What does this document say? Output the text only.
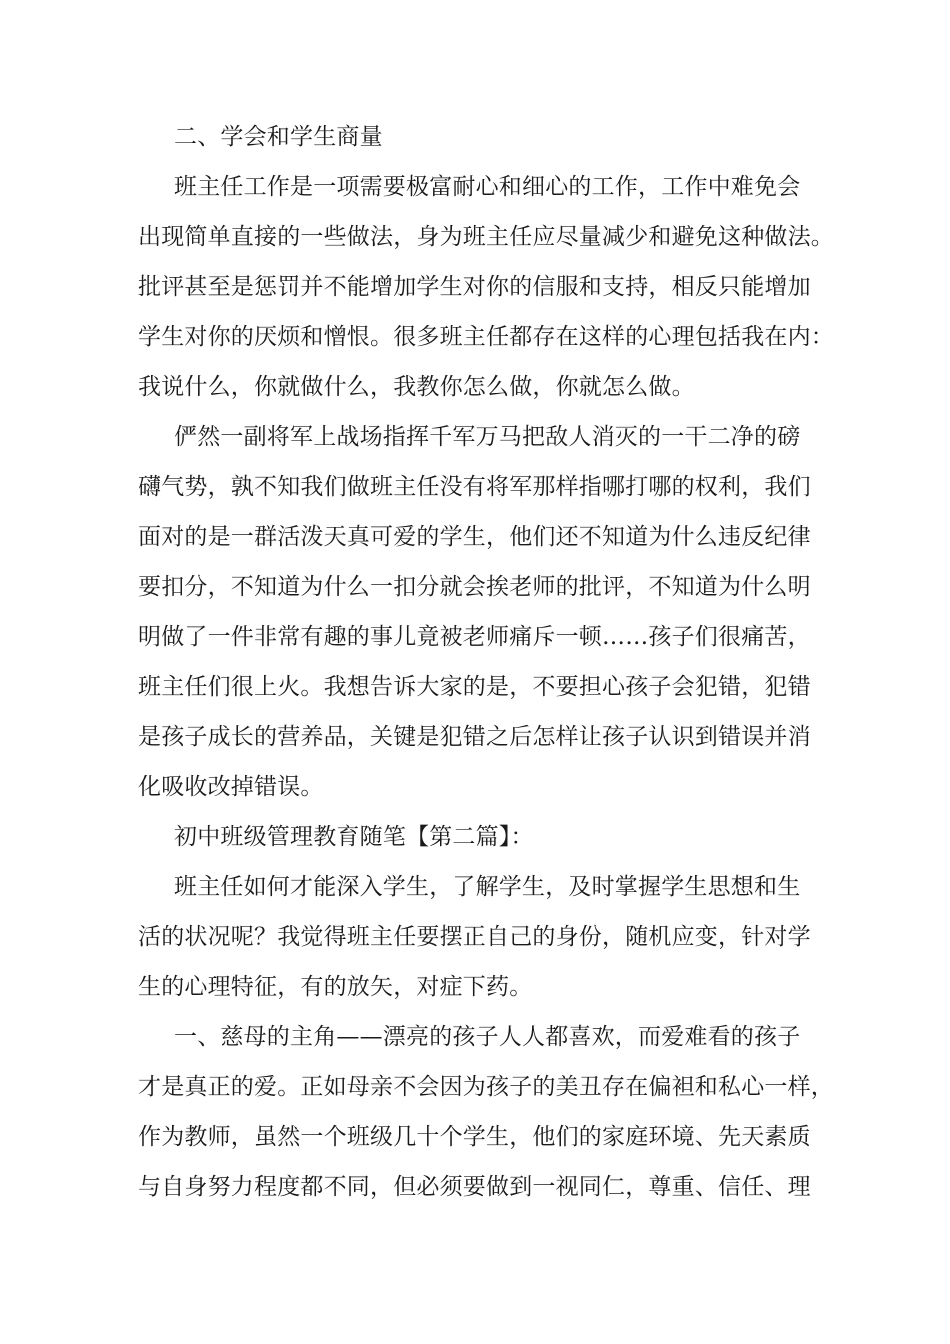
二、学会和学生商量
班主任工作是一项需要极富耐心和细心的工作，工作中难免会
出现简单直接的一些做法，身为班主任应尽量减少和避免这种做法。
批评甚至是惩罚并不能增加学生对你的信服和支持，相反只能增加
学生对你的厌烦和憎恨。很多班主任都存在这样的心理包括我在内：
我说什么，你就做什么，我教你怎么做，你就怎么做。
俨然一副将军上战场指挥千军万马把敌人消灭的一干二净的磅
礴气势，孰不知我们做班主任没有将军那样指哪打哪的权利，我们
面对的是一群活泼天真可爱的学生，他们还不知道为什么违反纪律
要扣分，不知道为什么一扣分就会挨老师的批评，不知道为什么明
明做了一件非常有趣的事儿竟被老师痛斥一顿……孩子们很痛苦，
班主任们很上火。我想告诉大家的是，不要担心孩子会犯错，犯错
是孩子成长的营养品，关键是犯错之后怎样让孩子认识到错误并消
化吸收改掉错误。
初中班级管理教育随笔【第二篇】：
班主任如何才能深入学生，了解学生，及时掌握学生思想和生
活的状况呢？我觉得班主任要摆正自己的身份，随机应变，针对学
生的心理特征，有的放矢，对症下药。
一、慈母的主角——漂亮的孩子人人都喜欢，而爱难看的孩子
才是真正的爱。正如母亲不会因为孩子的美丑存在偏袒和私心一样，
作为教师，虽然一个班级几十个学生，他们的家庭环境、先天素质
与自身努力程度都不同，但必须要做到一视同仁，尊重、信任、理
